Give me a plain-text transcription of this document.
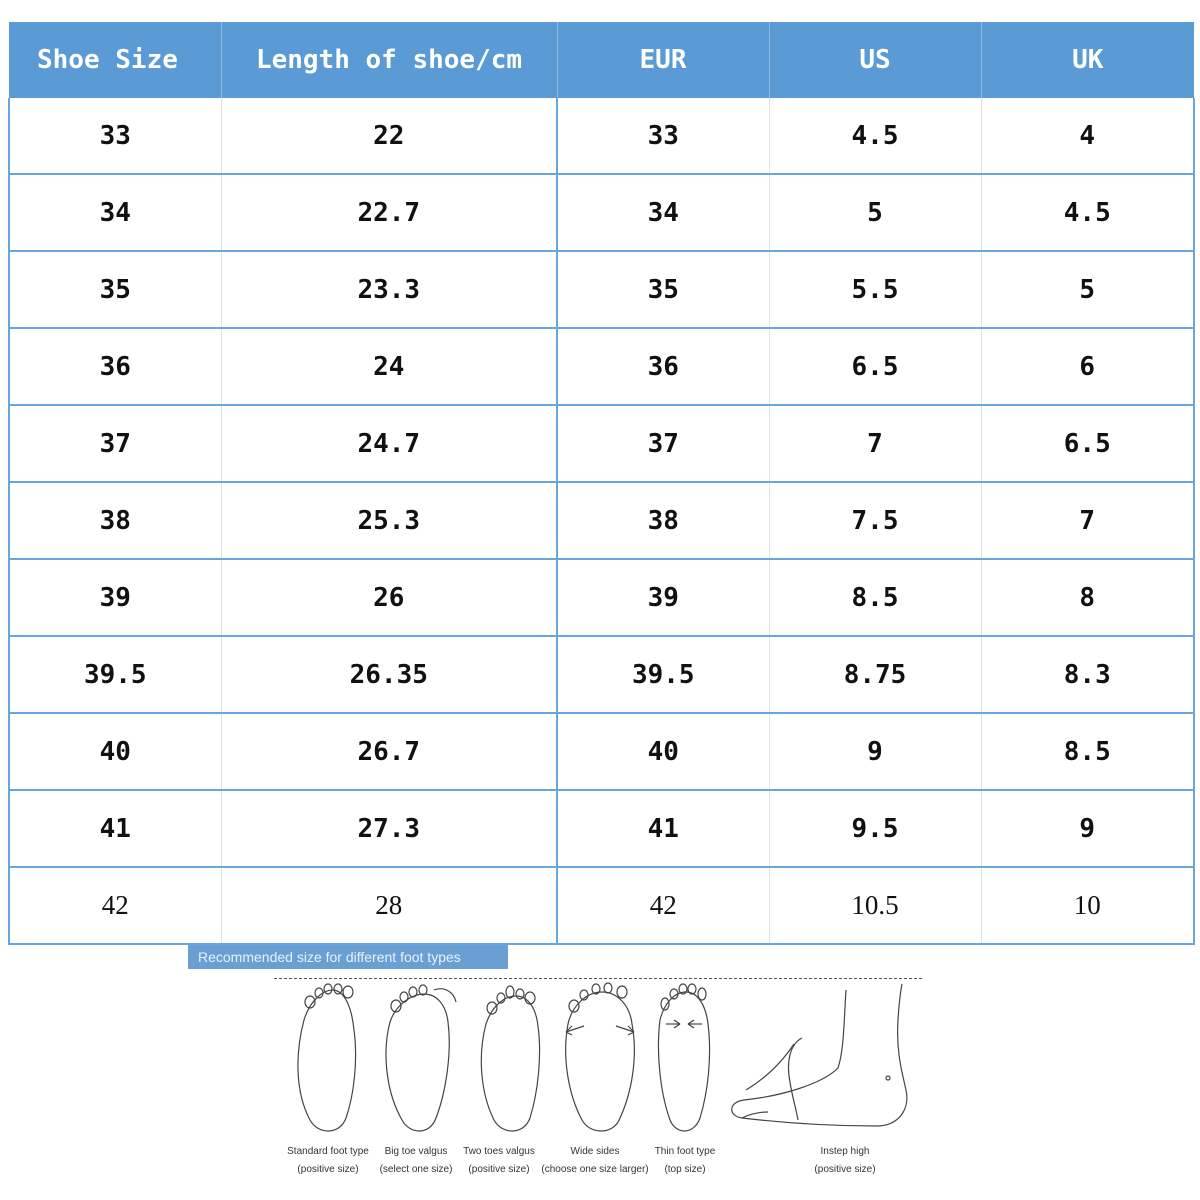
Shoe Size	Length of shoe/cm	EUR	US	UK
33	22	33	4.5	4
34	22.7	34	5	4.5
35	23.3	35	5.5	5
36	24	36	6.5	6
37	24.7	37	7	6.5
38	25.3	38	7.5	7
39	26	39	8.5	8
39.5	26.35	39.5	8.75	8.3
40	26.7	40	9	8.5
41	27.3	41	9.5	9
42	28	42	10.5	10
Recommended size for different foot types
Standard foot type
(positive size)
Big toe valgus
(select one size)
Two toes valgus
(positive size)
Wide sides
(choose one size larger)
Thin foot type
(top size)
Instep high
(positive size)
